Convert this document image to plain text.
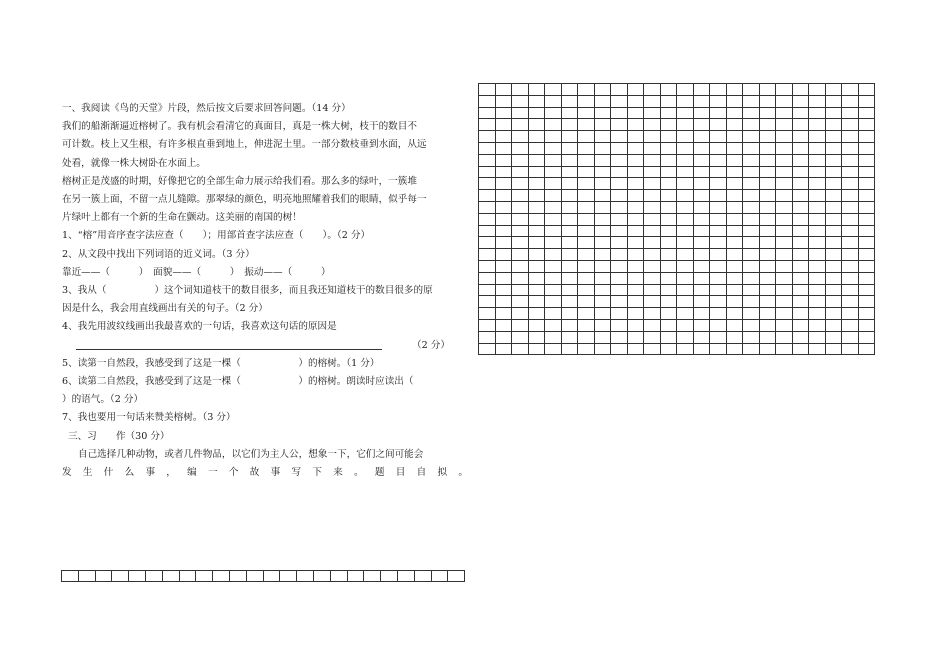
一、我阅读《鸟的天堂》片段，然后按文后要求回答问题。（14 分）
我们的船渐渐逼近榕树了。我有机会看清它的真面目，真是一株大树，枝干的数目不
可计数。枝上又生根，有许多根直垂到地上，伸进泥土里。一部分数枝垂到水面，从远
处看，就像一株大树卧在水面上。
榕树正是茂盛的时期，好像把它的全部生命力展示给我们看。那么多的绿叶，一簇堆
在另一簇上面，不留一点儿缝隙。那翠绿的颜色，明亮地照耀着我们的眼睛，似乎每一
片绿叶上都有一个新的生命在颤动。这美丽的南国的树！
1、“榕”用音序查字法应查（　　）；用部首查字法应查（　　）。（2 分）
2、从文段中找出下列词语的近义词。（3 分）
靠近——（　　　）　面貌——（　　　）　振动——（　　　）
3、我从（　　　　　）这个词知道枝干的数目很多，而且我还知道枝干的数目很多的原
因是什么，我会用直线画出有关的句子。（2 分）
4、我先用波纹线画出我最喜欢的一句话，我喜欢这句话的原因是
（2 分）
5、读第一自然段，我感受到了这是一棵（　　　　　　）的榕树。（1 分）
6、读第二自然段，我感受到了这是一棵（　　　　　　）的榕树。朗读时应读出（
）的语气。（2 分）
7、我也要用一句话来赞美榕树。（3 分）
三、习　　作（30 分）
自己选择几种动物，或者几件物品，以它们为主人公，想象一下，它们之间可能会
发 生 什 么 事 ， 编 一 个 故 事 写 下 来 。 题 目 自 拟 。
